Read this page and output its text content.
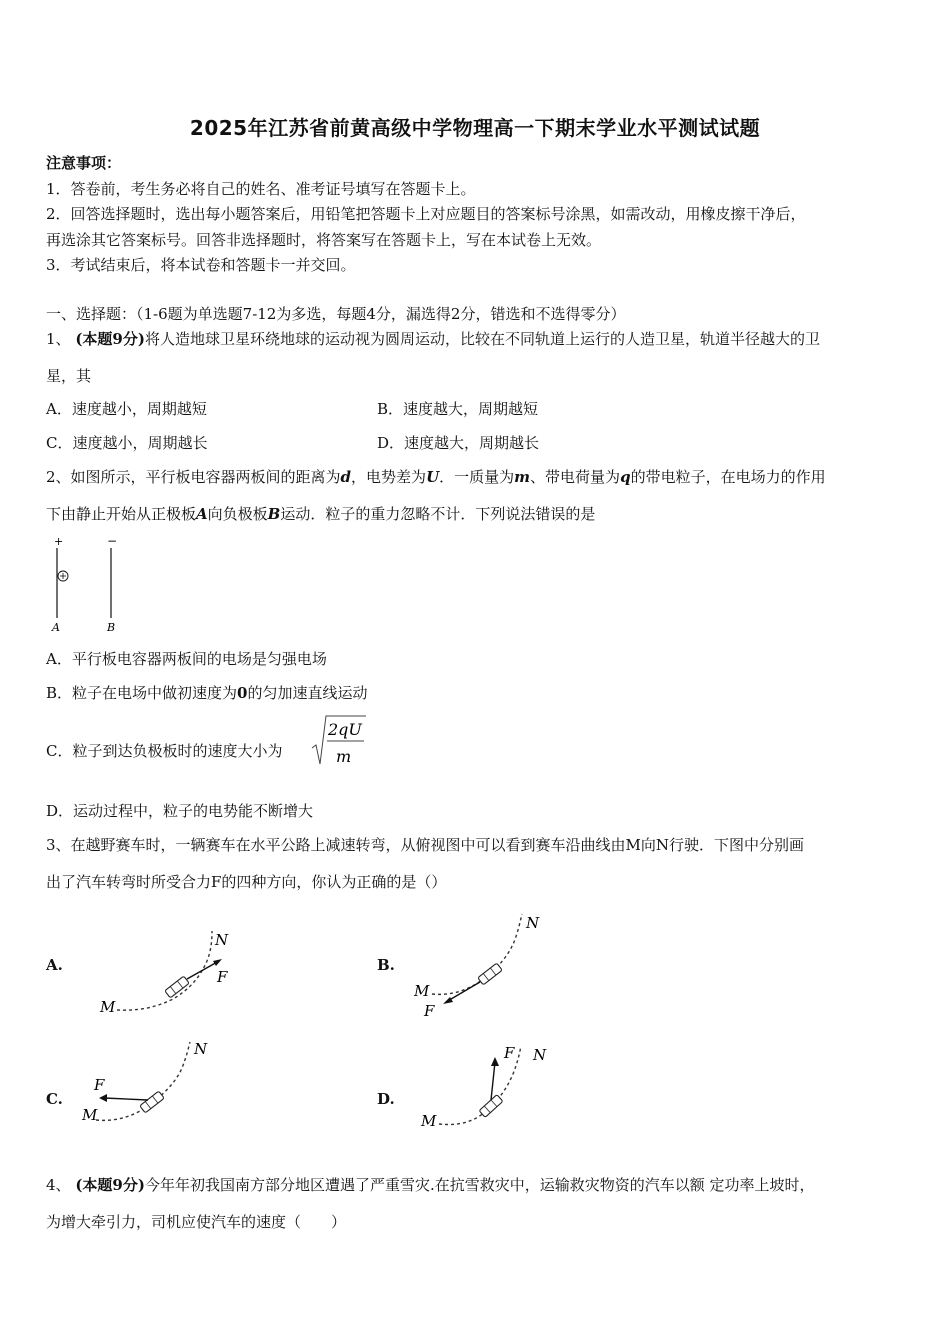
2025年江苏省前黄高级中学物理高一下期末学业水平测试试题
注意事项：
1．答卷前，考生务必将自己的姓名、准考证号填写在答题卡上。
2．回答选择题时，选出每小题答案后，用铅笔把答题卡上对应题目的答案标号涂黑，如需改动，用橡皮擦干净后，
再选涂其它答案标号。回答非选择题时，将答案写在答题卡上，写在本试卷上无效。
3．考试结束后，将本试卷和答题卡一并交回。
一、选择题：（1-6题为单选题7-12为多选，每题4分，漏选得2分，错选和不选得零分）
1、 (本题9分)将人造地球卫星环绕地球的运动视为圆周运动，比较在不同轨道上运行的人造卫星，轨道半径越大的卫
星，其
A．速度越小，周期越短	B．速度越大，周期越短
C．速度越小，周期越长	D．速度越大，周期越长
2、如图所示，平行板电容器两板间的距离为d，电势差为U．一质量为m、带电荷量为q的带电粒子，在电场力的作用
下由静止开始从正极板A向负极板B运动．粒子的重力忽略不计．下列说法错误的是
+	−
A	B
A．平行板电容器两板间的电场是匀强电场
B．粒子在电场中做初速度为0的匀加速直线运动
C．粒子到达负极板时的速度大小为
2qU
m
D．运动过程中，粒子的电势能不断增大
3、在越野赛车时，一辆赛车在水平公路上减速转弯，从俯视图中可以看到赛车沿曲线由M向N行驶．下图中分别画
出了汽车转弯时所受合力F的四种方向，你认为正确的是（）
A.	B.
C.	D.
M
N
F
M
N
F
M
N
F
M
N
F
4、 (本题9分)今年年初我国南方部分地区遭遇了严重雪灾.在抗雪救灾中，运输救灾物资的汽车以额 定功率上坡时，
为增大牵引力，司机应使汽车的速度（　　）
